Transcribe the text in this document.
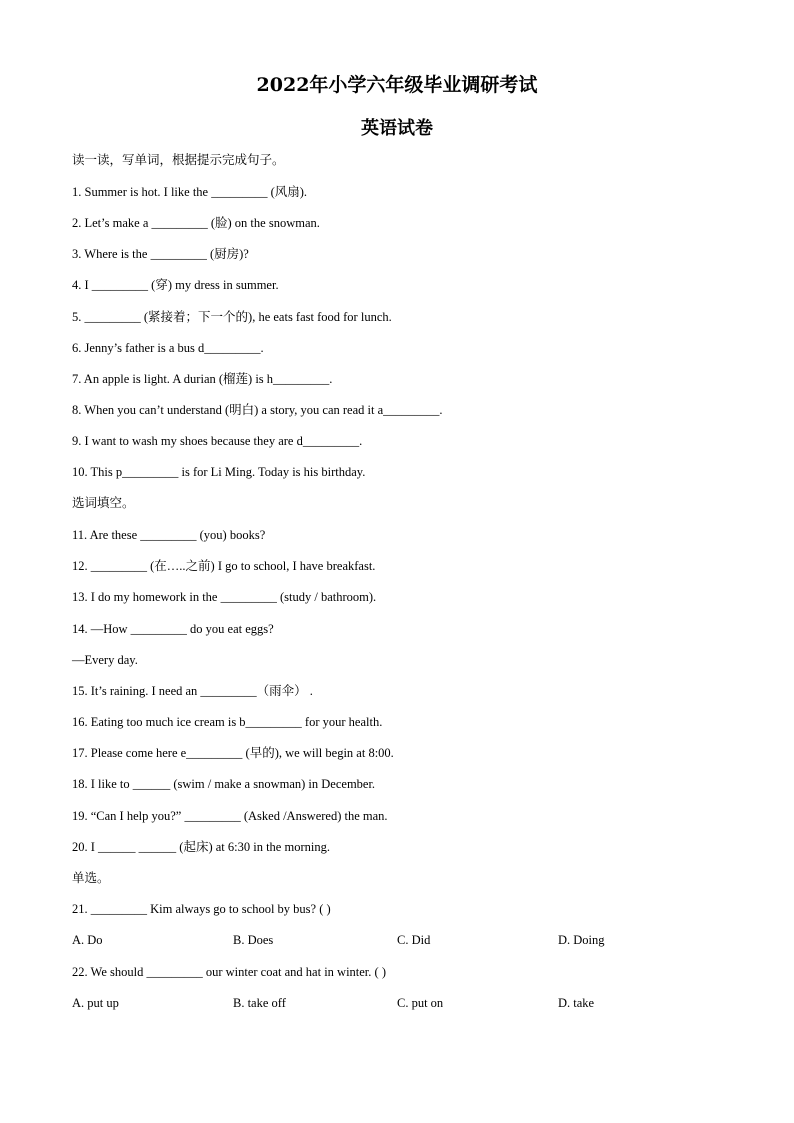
2022年小学六年级毕业调研考试
英语试卷
读一读，写单词，根据提示完成句子。
1. Summer is hot. I like the _________ (风扇).
2. Let’s make a _________ (脸) on the snowman.
3. Where is the _________ (厨房)?
4. I _________ (穿) my dress in summer.
5. _________ (紧接着；下一个的), he eats fast food for lunch.
6. Jenny’s father is a bus d_________.
7. An apple is light. A durian (榴莲) is h_________.
8. When you can’t understand (明白) a story, you can read it a_________.
9. I want to wash my shoes because they are d_________.
10. This p_________ is for Li Ming. Today is his birthday.
选词填空。
11. Are these _________ (you) books?
12. _________ (在…..之前) I go to school, I have breakfast.
13. I do my homework in the _________ (study / bathroom).
14. —How _________ do you eat eggs?
—Every day.
15. It’s raining. I need an _________（雨伞） .
16. Eating too much ice cream is b_________ for your health.
17. Please come here e_________ (早的), we will begin at 8:00.
18. I like to ______ (swim / make a snowman) in December.
19. “Can I help you?” _________ (Asked /Answered) the man.
20. I ______ ______ (起床) at 6:30 in the morning.
单选。
21. _________ Kim always go to school by bus? ( )
A. Do	B. Does	C. Did	D. Doing
22. We should _________ our winter coat and hat in winter. ( )
A. put up	B. take off	C. put on	D. take
